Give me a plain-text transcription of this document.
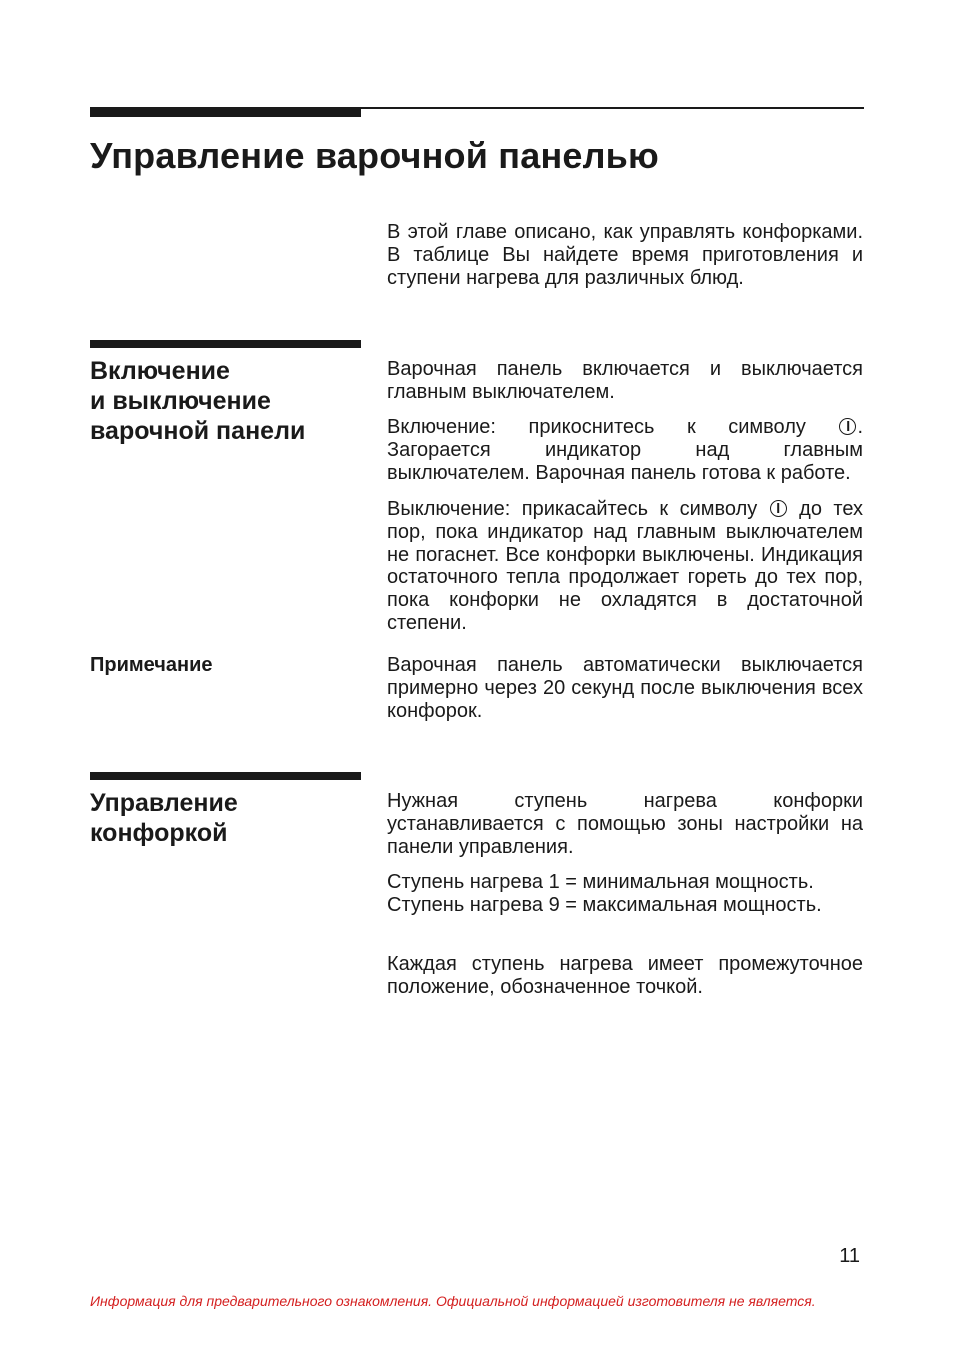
Управление варочной панелью

В этой главе описано, как управлять конфорками. В таблице Вы найдете время приготовления и ступени нагрева для различных блюд.

Включение
и выключение
варочной панели

Варочная панель включается и выключается главным выключателем.

Включение: прикоснитесь к символу	. Загорается индикатор над главным выключателем. Варочная панель готова к работе.

Выключение: прикасайтесь к символу  до тех пор, пока индикатор над главным выключателем не погаснет. Все конфорки выключены. Индикация остаточного тепла продолжает гореть до тех пор, пока конфорки не охладятся в достаточной степени.

Примечание	Варочная панель автоматически выключается примерно через 20 секунд после выключения всех конфорок.

Управление
конфоркой

Нужная ступень нагрева конфорки устанавливается с помощью зоны настройки на панели управления.

Ступень нагрева 1 = минимальная мощность.
Ступень нагрева 9 = максимальная мощность.

Каждая ступень нагрева имеет промежуточное положение, обозначенное точкой.

11
Информация для предварительного ознакомления. Официальной информацией изготовителя не является.
